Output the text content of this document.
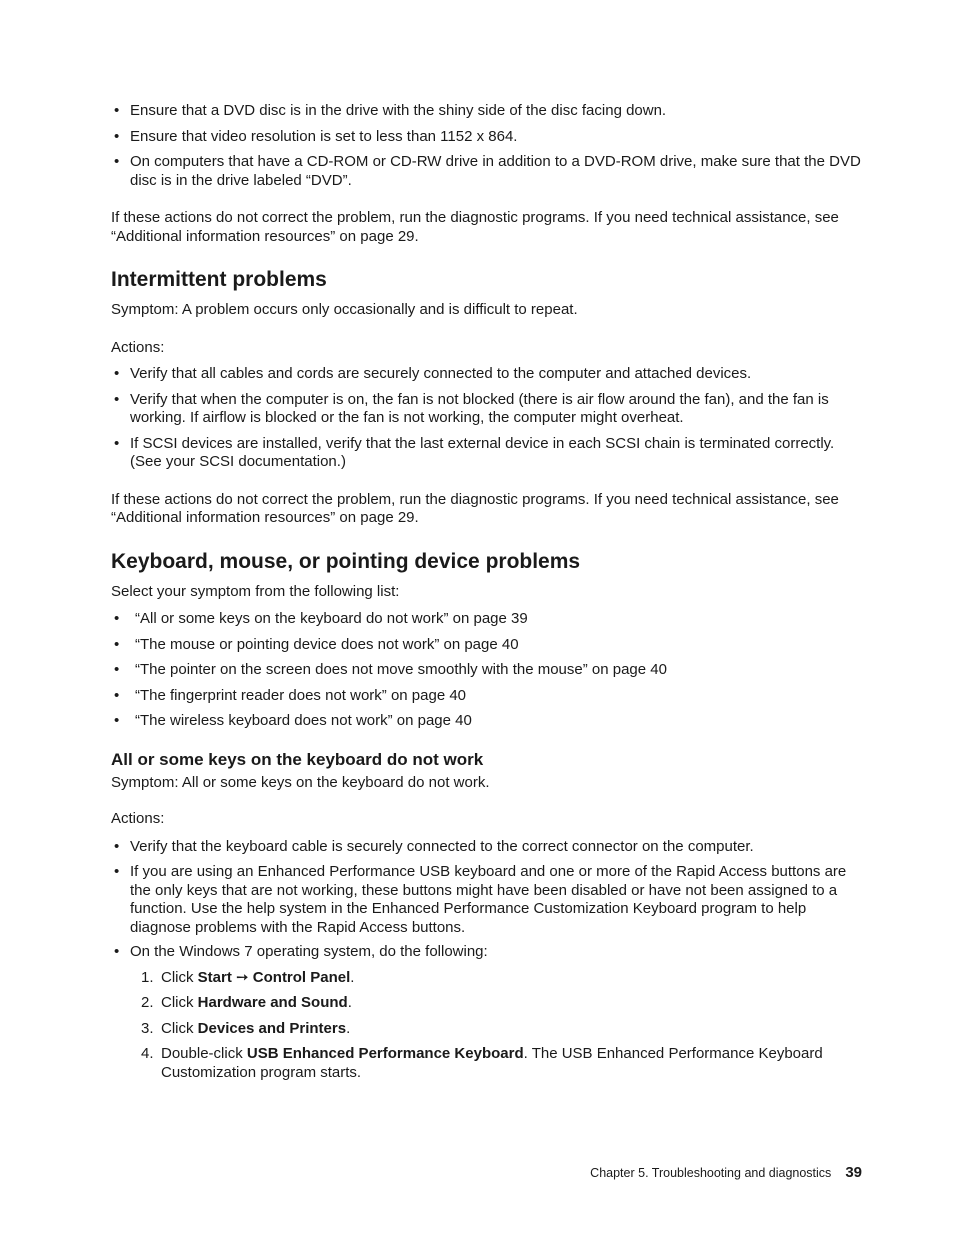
• Ensure that a DVD disc is in the drive with the shiny side of the disc facing down.
• Ensure that video resolution is set to less than 1152 x 864.
• On computers that have a CD-ROM or CD-RW drive in addition to a DVD-ROM drive, make sure that the DVD disc is in the drive labeled “DVD”.

If these actions do not correct the problem, run the diagnostic programs. If you need technical assistance, see “Additional information resources” on page 29.

Intermittent problems

Symptom: A problem occurs only occasionally and is difficult to repeat.

Actions:

• Verify that all cables and cords are securely connected to the computer and attached devices.
• Verify that when the computer is on, the fan is not blocked (there is air flow around the fan), and the fan is working. If airflow is blocked or the fan is not working, the computer might overheat.
• If SCSI devices are installed, verify that the last external device in each SCSI chain is terminated correctly. (See your SCSI documentation.)

If these actions do not correct the problem, run the diagnostic programs. If you need technical assistance, see “Additional information resources” on page 29.

Keyboard, mouse, or pointing device problems

Select your symptom from the following list:

• “All or some keys on the keyboard do not work” on page 39
• “The mouse or pointing device does not work” on page 40
• “The pointer on the screen does not move smoothly with the mouse” on page 40
• “The fingerprint reader does not work” on page 40
• “The wireless keyboard does not work” on page 40
All or some keys on the keyboard do not work

Symptom: All or some keys on the keyboard do not work.

Actions:

• Verify that the keyboard cable is securely connected to the correct connector on the computer.
• If you are using an Enhanced Performance USB keyboard and one or more of the Rapid Access buttons are the only keys that are not working, these buttons might have been disabled or have not been assigned to a function. Use the help system in the Enhanced Performance Customization Keyboard program to help diagnose problems with the Rapid Access buttons.
• On the Windows 7 operating system, do the following:
1. Click Start ➙ Control Panel.
2. Click Hardware and Sound.
3. Click Devices and Printers.
4. Double-click USB Enhanced Performance Keyboard. The USB Enhanced Performance Keyboard Customization program starts.
Chapter 5. Troubleshooting and diagnostics 39
